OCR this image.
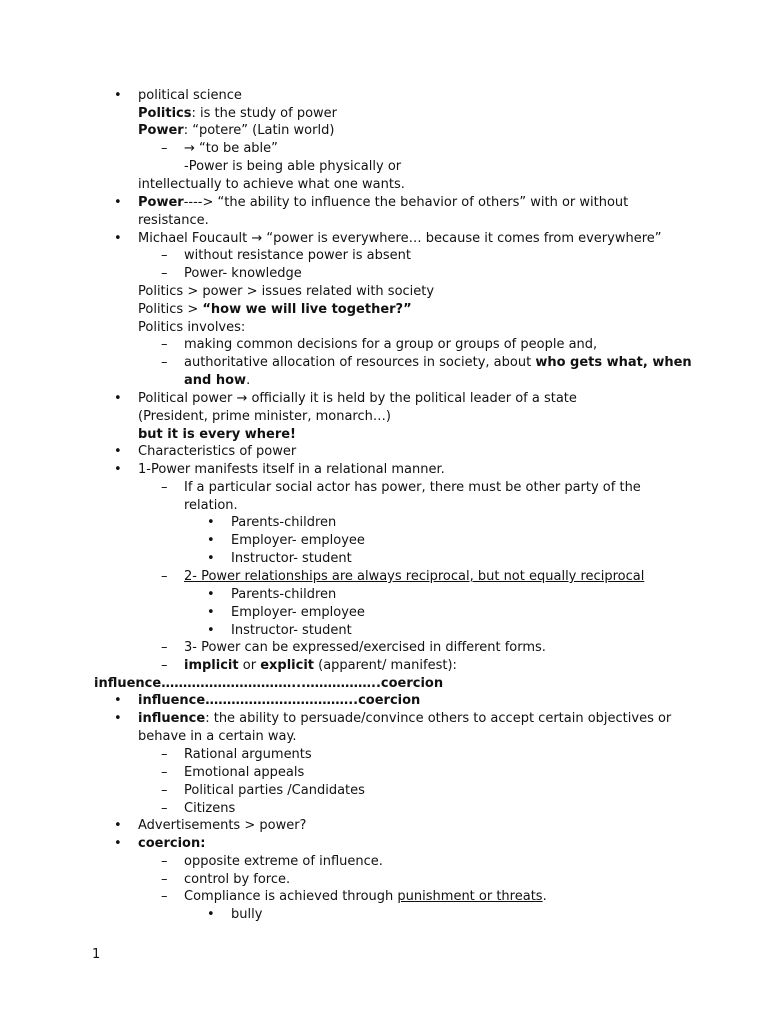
• political science
Politics: is the study of power
Power: “potere” (Latin world)
– → “to be able”
-Power is being able physically or
intellectually to achieve what one wants.
• Power----> “the ability to influence the behavior of others” with or without
resistance.
• Michael Foucault → “power is everywhere… because it comes from everywhere”
– without resistance power is absent
– Power- knowledge
Politics > power > issues related with society
Politics > “how we will live together?”
Politics involves:
– making common decisions for a group or groups of people and,
– authoritative allocation of resources in society, about who gets what, when
and how.
• Political power → officially it is held by the political leader of a state
(President, prime minister, monarch…)
but it is every where!
• Characteristics of power
• 1-Power manifests itself in a relational manner.
– If a particular social actor has power, there must be other party of the
relation.
• Parents-children
• Employer- employee
• Instructor- student
– 2- Power relationships are always reciprocal, but not equally reciprocal
• Parents-children
• Employer- employee
• Instructor- student
– 3- Power can be expressed/exercised in different forms.
– implicit or explicit (apparent/ manifest):
influence…………………………...……………..coercion
• influence……………………………..coercion
• influence: the ability to persuade/convince others to accept certain objectives or
behave in a certain way.
– Rational arguments
– Emotional appeals
– Political parties /Candidates
– Citizens
• Advertisements > power?
• coercion:
– opposite extreme of influence.
– control by force.
– Compliance is achieved through punishment or threats.
• bully
1
